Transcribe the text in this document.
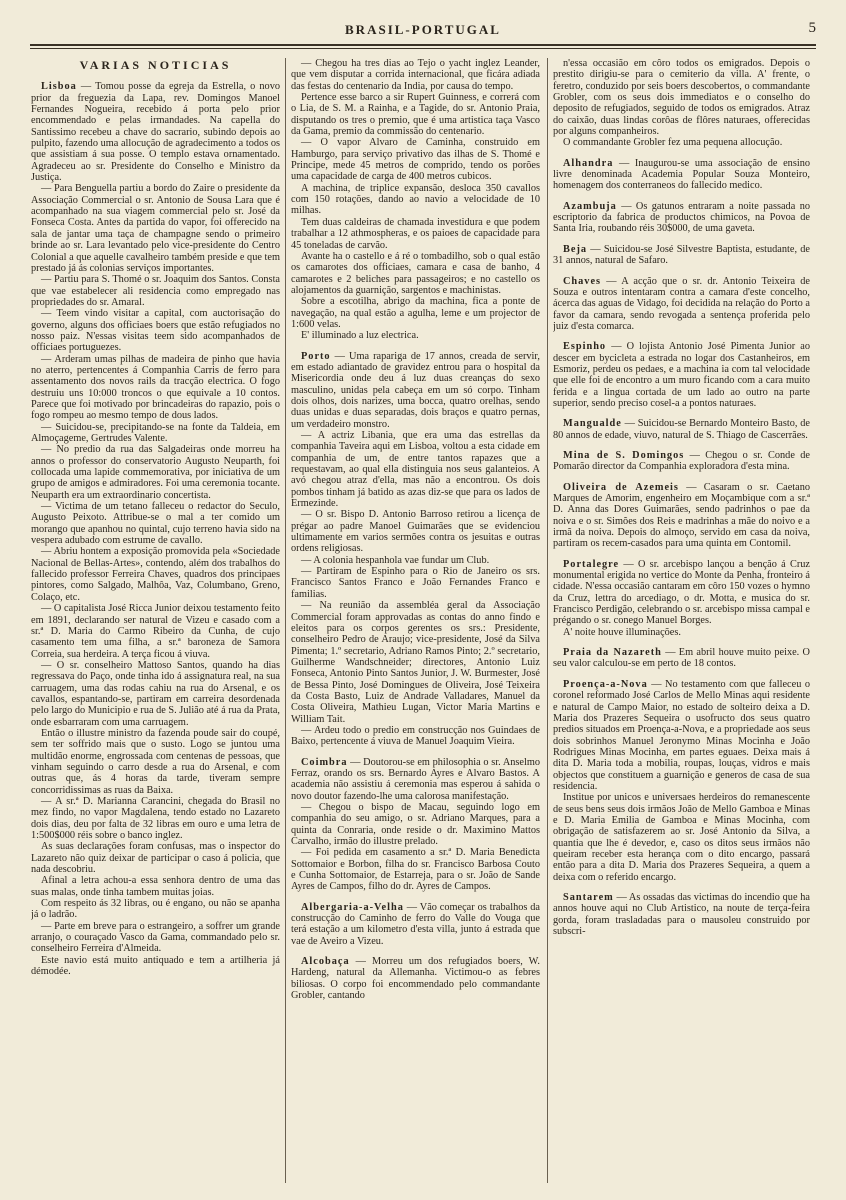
BRASIL-PORTUGAL	5
VARIAS NOTICIAS

Lisboa — Tomou posse da egreja da Estrella, o novo prior da freguezia da Lapa, rev. Domingos Manoel Fernandes Nogueira, recebido á porta pelo prior encommendado e pelas irmandades. Na capella do Santissimo recebeu a chave do sacrario, subindo depois ao pulpito, fazendo uma allocução de agradecimento a todos os que assistiam á sua posse. O templo estava ornamentado. Agradeceu ao sr. Presidente do Conselho e Ministro da Justiça.

— Para Benguella partiu a bordo do Zaire o presidente da Associação Commercial o sr. Antonio de Sousa Lara que é acompanhado na sua viagem commercial pelo sr. José da Fonseca Costa. Antes da partida do vapor, foi offerecido na sala de jantar uma taça de champagne sendo o primeiro brinde ao sr. Lara levantado pelo vice-presidente do Centro Colonial a que aquelle cavalheiro também preside e que tem prestado já ás colonias serviços importantes.

— Partiu para S. Thomé o sr. Joaquim dos Santos. Consta que vae estabelecer ali residencia como empregado nas propriedades do sr. Amaral.

— Teem vindo visitar a capital, com auctorisação do governo, alguns dos officiaes boers que estão refugiados no nosso paiz. N'essas visitas teem sido acompanhados de officiaes portuguezes.

— Arderam umas pilhas de madeira de pinho que havia no aterro, pertencentes á Companhia Carris de ferro para assentamento dos novos rails da tracção electrica. O fogo destruiu uns 10:000 troncos o que equivale a 10 contos. Parece que foi motivado por brincadeiras do rapazio, pois o fogo rompeu ao mesmo tempo de dous lados.

— Suicidou-se, precipitando-se na fonte da Taldeia, em Almoçageme, Gertrudes Valente.

— No predio da rua das Salgadeiras onde morreu ha annos o professor do conservatorio Augusto Neuparth, foi collocada uma lapide commemorativa, por iniciativa de um grupo de amigos e admiradores. Foi uma ceremonia tocante. Neuparth era um extraordinario concertista.

— Victima de um tetano falleceu o redactor do Seculo, Augusto Peixoto. Attribue-se o mal a ter comido um morango que apanhou no quintal, cujo terreno havia sido na vespera adubado com estrume de cavallo.

— Abriu hontem a exposição promovida pela «Sociedade Nacional de Bellas-Artes», contendo, além dos trabalhos do fallecido professor Ferreira Chaves, quadros dos principaes pintores, como Salgado, Malhôa, Vaz, Columbano, Greno, Colaço, etc.

— O capitalista José Ricca Junior deixou testamento feito em 1891, declarando ser natural de Vizeu e casado com a sr.ª D. Maria do Carmo Ribeiro da Cunha, de cujo casamento tem uma filha, a sr.ª baroneza de Samora Correia, sua herdeira. A terça ficou á viuva.

— O sr. conselheiro Mattoso Santos, quando ha dias regressava do Paço, onde tinha ido á assignatura real, na sua carruagem, uma das rodas cahiu na rua do Arsenal, e os cavallos, espantando-se, partiram em carreira desordenada pelo largo do Municipio e rua de S. Julião até á rua da Prata, onde esbarraram com uma carruagem.

Então o illustre ministro da fazenda poude sair do coupé, sem ter soffrido mais que o susto. Logo se juntou uma multidão enorme, engrossada com centenas de pessoas, que vinham seguindo o carro desde a rua do Arsenal, e com outras que, ás 4 horas da tarde, tiveram sempre concorridissimas as ruas da Baixa.

— A sr.ª D. Marianna Carancini, chegada do Brasil no mez findo, no vapor Magdalena, tendo estado no Lazareto dois dias, deu por falta de 32 libras em ouro e uma letra de 1:500$000 réis sobre o banco inglez.

As suas declarações foram confusas, mas o inspector do Lazareto não quiz deixar de participar o caso á policia, que nada descobriu.

Afinal a letra achou-a essa senhora dentro de uma das suas malas, onde tinha tambem muitas joias.

Com respeito ás 32 libras, ou é engano, ou não se apanha já o ladrão.

— Parte em breve para o estrangeiro, a soffrer um grande arranjo, o couraçado Vasco da Gama, commandado pelo sr. conselheiro Ferreira d'Almeida.

Este navio está muito antiquado e tem a artilheria já démodée.

— Chegou ha tres dias ao Tejo o yacht inglez Leander, que vem disputar a corrida internacional, que ficára adiada das festas do centenario da India, por causa do tempo.

Pertence esse barco a sir Rupert Guinness, e correrá com o Lia, de S. M. a Rainha, e a Tagide, do sr. Antonio Praia, disputando os tres o premio, que é uma artistica taça Vasco da Gama, premio da commissão do centenario.

— O vapor Alvaro de Caminha, construido em Hamburgo, para serviço privativo das ilhas de S. Thomé e Principe, mede 45 metros de comprido, tendo os porões uma capacidade de carga de 400 metros cubicos.

A machina, de triplice expansão, desloca 350 cavallos com 150 rotações, dando ao navio a velocidade de 10 milhas.

Tem duas caldeiras de chamada investidura e que podem trabalhar a 12 athmospheras, e os paioes de capacidade para 45 toneladas de carvão.

Avante ha o castello e á ré o tombadilho, sob o qual estão os camarotes dos officiaes, camara e casa de banho, 4 camarotes e 2 beliches para passageiros; e no castello os alojamentos da guarnição, sargentos e machinistas.

Sobre a escotilha, abrigo da machina, fica a ponte de navegação, na qual estão a agulha, leme e um projector de 1:600 velas.

E' illuminado a luz electrica.

Porto — Uma rapariga de 17 annos, creada de servir, em estado adiantado de gravidez entrou para o hospital da Misericordia onde deu á luz duas creanças do sexo masculino, unidas pela cabeça em um só corpo. Tinham dois olhos, dois narizes, uma bocca, quatro orelhas, sendo duas unidas e duas separadas, dois braços e quatro pernas, um verdadeiro monstro.

— A actriz Libania, que era uma das estrellas da companhia Taveira aqui em Lisboa, voltou a esta cidade em companhia de um, de entre tantos rapazes que a requestavam, ao qual ella distinguia nos seus galanteios. A avó chegou atraz d'ella, mas não a encontrou. Os dois pombos tinham já batido as azas diz-se que para os lados de Ermezinde.

— O sr. Bispo D. Antonio Barroso retirou a licença de prégar ao padre Manoel Guimarães que se evidenciou ultimamente em varios sermões contra os jesuitas e outras ordens religiosas.

— A colonia hespanhola vae fundar um Club.

— Partiram de Espinho para o Rio de Janeiro os srs. Francisco Santos Franco e João Fernandes Franco e familias.

— Na reunião da assembléa geral da Associação Commercial foram approvadas as contas do anno findo e eleitos para os corpos gerentes os srs.: Presidente, conselheiro Pedro de Araujo; vice-presidente, José da Silva Pimenta; 1.º secretario, Adriano Ramos Pinto; 2.º secretario, Guilherme Wandschneider; directores, Antonio Luiz Fonseca, Antonio Pinto Santos Junior, J. W. Burmester, José de Bessa Pinto, José Domingues de Oliveira, José Teixeira da Costa Basto, Luiz de Andrade Valladares, Manuel da Costa Oliveira, Mathieu Lugan, Victor Maria Martins e William Tait.

— Ardeu todo o predio em construcção nos Guindaes de Baixo, pertencente á viuva de Manuel Joaquim Vieira.

Coimbra — Doutorou-se em philosophia o sr. Anselmo Ferraz, orando os srs. Bernardo Ayres e Alvaro Bastos. A academia não assistiu á ceremonia mas esperou á sahida o novo doutor fazendo-lhe uma calorosa manifestação.

— Chegou o bispo de Macau, seguindo logo em companhia do seu amigo, o sr. Adriano Marques, para a quinta da Conraria, onde reside o dr. Maximino Mattos Carvalho, irmão do illustre prelado.

— Foi pedida em casamento a sr.ª D. Maria Benedicta Sottomaior e Borbon, filha do sr. Francisco Barbosa Couto e Cunha Sottomaior, de Estarreja, para o sr. João de Sande Ayres de Campos, filho do dr. Ayres de Campos.

Albergaria-a-Velha — Vão começar os trabalhos da construcção do Caminho de ferro do Valle do Vouga que terá estação a um kilometro d'esta villa, junto á estrada que vae de Aveiro a Vizeu.

Alcobaça — Morreu um dos refugiados boers, W. Hardeng, natural da Allemanha. Victimou-o as febres biliosas. O corpo foi encommendado pelo commandante Grobler, cantando

n'essa occasião em côro todos os emigrados. Depois o prestito dirigiu-se para o cemiterio da villa. A' frente, o feretro, conduzido por seis boers descobertos, o commandante Grobler, com os seus dois immediatos e o conselho do deposito de refugiados, seguido de todos os emigrados. Atraz do caixão, duas lindas corôas de flôres naturaes, offerecidas por alguns companheiros.

O commandante Grobler fez uma pequena allocução.

Alhandra — Inaugurou-se uma associação de ensino livre denominada Academia Popular Souza Monteiro, homenagem dos conterraneos do fallecido medico.

Azambuja — Os gatunos entraram a noite passada no escriptorio da fabrica de productos chimicos, na Povoa de Santa Iria, roubando réis 30$000, de uma gaveta.

Beja — Suicidou-se José Silvestre Baptista, estudante, de 31 annos, natural de Safaro.

Chaves — A acção que o sr. dr. Antonio Teixeira de Souza e outros intentaram contra a camara d'este concelho, ácerca das aguas de Vidago, foi decidida na relação do Porto a favor da camara, sendo revogada a sentença proferida pelo juiz d'esta comarca.

Espinho — O lojista Antonio José Pimenta Junior ao descer em bycicleta a estrada no logar dos Castanheiros, em Esmoriz, perdeu os pedaes, e a machina ia com tal velocidade que elle foi de encontro a um muro ficando com a cara muito ferida e a lingua cortada de um lado ao outro na parte superior, sendo preciso cosel-a a pontos naturaes.

Mangualde — Suicidou-se Bernardo Monteiro Basto, de 80 annos de edade, viuvo, natural de S. Thiago de Cascerrães.

Mina de S. Domingos — Chegou o sr. Conde de Pomarão director da Companhia exploradora d'esta mina.

Oliveira de Azemeis — Casaram o sr. Caetano Marques de Amorim, engenheiro em Moçambique com a sr.ª D. Anna das Dores Guimarães, sendo padrinhos o pae da noiva e o sr. Simões dos Reis e madrinhas a mãe do noivo e a irmã da noiva. Depois do almoço, servido em casa da noiva, partiram os recem-casados para uma quinta em Contomil.

Portalegre — O sr. arcebispo lançou a benção á Cruz monumental erigida no vertice do Monte da Penha, fronteiro á cidade. N'essa occasião cantaram em côro 150 vozes o hymno da Cruz, lettra do arcediago, o dr. Motta, e musica do sr. Francisco Perdigão, celebrando o sr. arcebispo missa campal e prégando o sr. conego Manuel Borges.

A' noite houve illuminações.

Praia da Nazareth — Em abril houve muito peixe. O seu valor calculou-se em perto de 18 contos.

Proença-a-Nova — No testamento com que falleceu o coronel reformado José Carlos de Mello Minas aqui residente e natural de Campo Maior, no estado de solteiro deixa a D. Maria dos Prazeres Sequeira o usofructo dos seus quatro predios situados em Proença-a-Nova, e a propriedade aos seus dois sobrinhos Manuel Jeronymo Minas Mocinha e João Rodrigues Minas Mocinha, em partes eguaes. Deixa mais á dita D. Maria toda a mobilia, roupas, louças, vidros e mais objectos que constituem a guarnição e generos de casa de sua residencia.

Institue por unicos e universaes herdeiros do remanescente de seus bens seus dois irmãos João de Mello Gamboa e Minas e D. Maria Emilia de Gamboa e Minas Mocinha, com obrigação de satisfazerem ao sr. José Antonio da Silva, a quantia que lhe é devedor, e, caso os ditos seus irmãos não queiram receber esta herança com o dito encargo, passará então para a dita D. Maria dos Prazeres Sequeira, a quem a deixa com o referido encargo.

Santarem — As ossadas das victimas do incendio que ha annos houve aqui no Club Artistico, na noute de terça-feira gorda, foram trasladadas para o mausoleu construido por subscri-
